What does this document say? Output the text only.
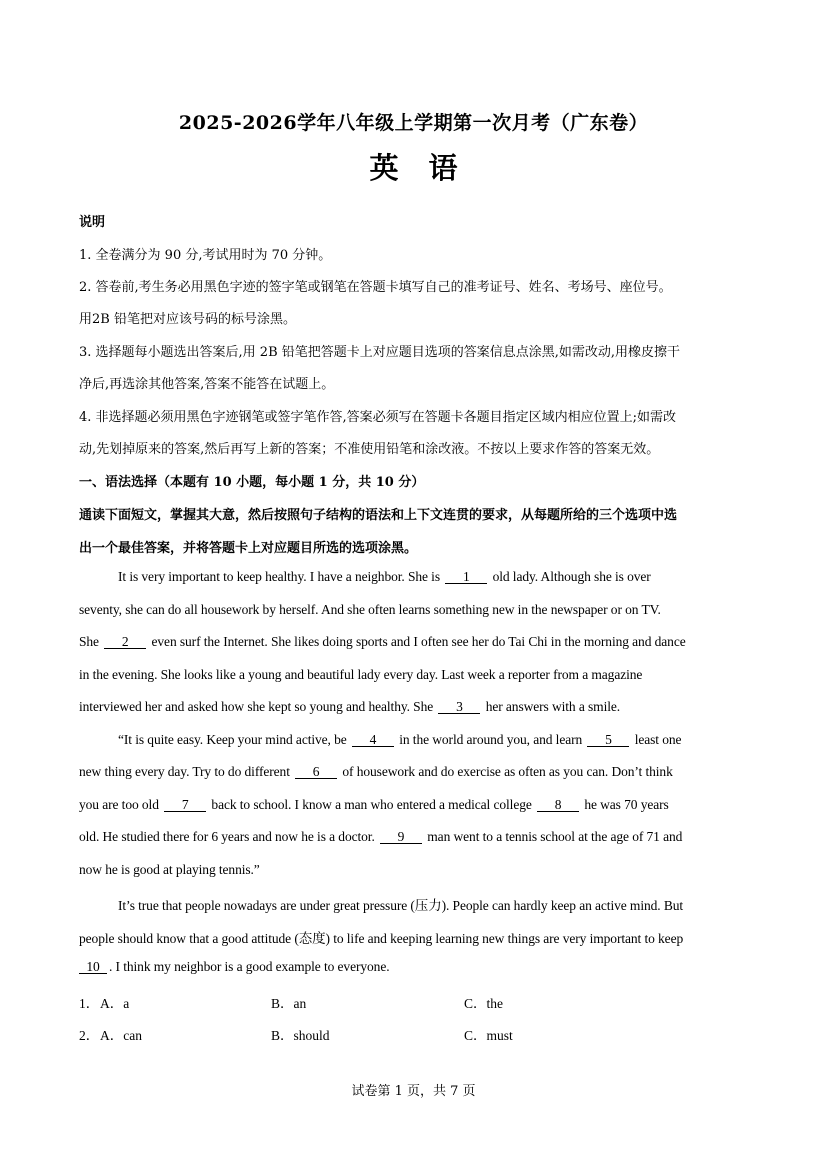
2025-2026学年八年级上学期第一次月考（广东卷）
英语
说明
1. 全卷满分为 90 分,考试用时为 70 分钟。
2. 答卷前,考生务必用黑色字迹的签字笔或钢笔在答题卡填写自己的准考证号、姓名、考场号、座位号。
用2B 铅笔把对应该号码的标号涂黑。
3. 选择题每小题选出答案后,用 2B 铅笔把答题卡上对应题目选项的答案信息点涂黑,如需改动,用橡皮擦干
净后,再选涂其他答案,答案不能答在试题上。
4. 非选择题必须用黑色字迹钢笔或签字笔作答,答案必须写在答题卡各题目指定区域内相应位置上;如需改
动,先划掉原来的答案,然后再写上新的答案；不准使用铅笔和涂改液。不按以上要求作答的答案无效。
一、语法选择（本题有 10 小题，每小题 1 分，共 10 分）
通读下面短文，掌握其大意，然后按照句子结构的语法和上下文连贯的要求，从每题所给的三个选项中选
出一个最佳答案，并将答题卡上对应题目所选的选项涂黑。
It is very important to keep healthy. I have a neighbor. She is 1 old lady. Although she is over
seventy, she can do all housework by herself. And she often learns something new in the newspaper or on TV.
She 2 even surf the Internet. She likes doing sports and I often see her do Tai Chi in the morning and dance
in the evening. She looks like a young and beautiful lady every day. Last week a reporter from a magazine
interviewed her and asked how she kept so young and healthy. She 3 her answers with a smile.
“It is quite easy. Keep your mind active, be 4 in the world around you, and learn 5 least one
new thing every day. Try to do different 6 of housework and do exercise as often as you can. Don’t think
you are too old 7 back to school. I know a man who entered a medical college 8 he was 70 years
old. He studied there for 6 years and now he is a doctor. 9 man went to a tennis school at the age of 71 and
now he is good at playing tennis.”
It’s true that people nowadays are under great pressure (压力). People can hardly keep an active mind. But
people should know that a good attitude (态度) to life and keeping learning new things are very important to keep
10 . I think my neighbor is a good example to everyone.
1． A．a	B．an	C．the
2． A．can	B．should	C．must
试卷第 1 页，共 7 页
